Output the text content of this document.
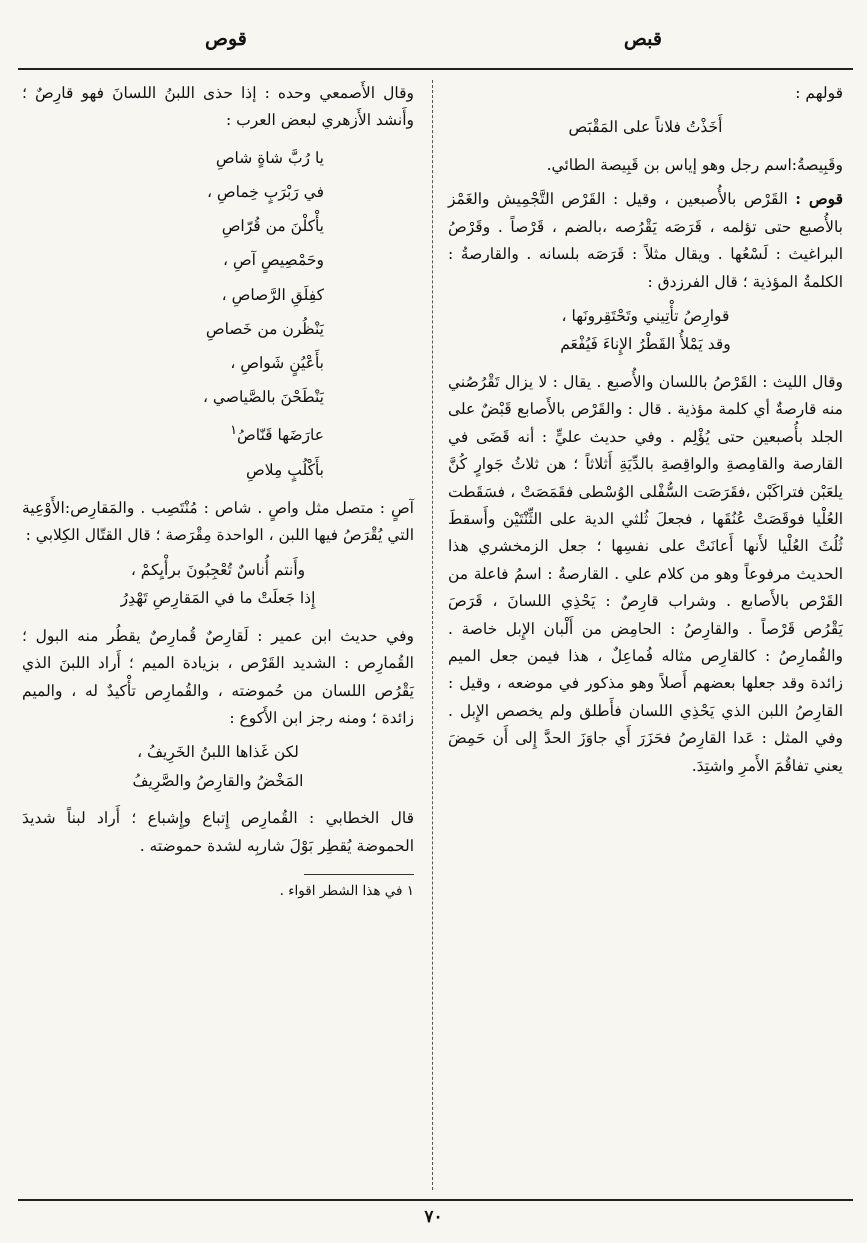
قبص
قوص

قولهم :

أَخَذْتُ فلاناً على المَقْبَص

وقَبِيصةُ:اسم رجل وهو إياس بن قَبِيصة الطائي.

قوص : القَرْص بالأُصبعين ، وقيل : القَرْص التَّجْمِيش والغَمْز بالأُصبع حتى تؤلمه ، قَرَصَه يَقْرُصه ،بالضم ، قَرْصاً . وقَرْصُ البراغيث : لَسْعُها . ويقال مثلاً : قَرَصَه بلسانه . والقارصةُ : الكلمةُ المؤذية ؛ قال الفرزدق :

قوارِصُ تأْتِيني وتَحْتَقِرونَها ،
وقد يَمْلأُ القَطْرُ الإِناءَ فَيُفْعَم

وقال الليث : القَرْصُ باللسان والأُصبع . يقال : لا يزال تَقْرُصُني منه قارصةٌ أي كلمة مؤذية . قال : والقَرْص بالأَصابع قَبْضٌ على الجلد بأُصبعين حتى يُؤْلِم . وفي حديث عليٍّ : أنه قَضَى في القارصة والقامِصةِ والواقِصةِ بالدِّيَةِ أَثلاثاً ؛ هن ثلاثُ جَوارٍ كُنَّ يلعَبْن فتراكَبْن ،فقَرَصَت السُّفْلى الوُسْطى فقَمَصَتْ ، فسَقَطت العُلْيا فوقَصَتْ عُنُقَها ، فجعلَ ثُلثي الدية على الثِّنْتَيْن وأَسقطَ ثُلُثَ العُلْيا لأَنها أَعانَتْ على نفسِها ؛ جعل الزمخشري هذا الحديث مرفوعاً وهو من كلام علي . القارصةُ : اسمُ فاعلة من القَرْص بالأَصابع . وشراب قارِصٌ : يَحْذِي اللسانَ ، قَرَصَ يَقْرُص قَرْصاً . والقارِصُ : الحامِض من أَلْبان الإِبل خاصة . والقُمارِصُ : كالقارِص مثاله فُماعِلٌ ، هذا فيمن جعل الميم زائدة وقد جعلها بعضهم أَصلاً وهو مذكور في موضعه ، وقيل : القارِصُ اللبن الذي يَحْذِي اللسان فأَطلق ولم يخصص الإِبل . وفي المثل : عَدا القارِصُ فحَزَرَ أَي جاوَزَ الحدَّ إِلى أَن حَمِضَ يعني تفاقُمَ الأَمرِ واشتِدَ.

وقال الأَصمعي وحده : إذا حذى اللبنُ اللسانَ فهو قارِصٌ ؛ وأَنشد الأَزهري لبعض العرب :

يا رُبَّ شاةٍ شاصِ
في رَبْرَبٍ خِماصِ ،
يأْكلْنَ من قُرّاصِ
وحَمْصِيصٍ آصِ ،
كفِلَقِ الرَّصاصِ ،
يَنْظُرن من خَصاصِ
بأَعْيُنٍ شَواصِ ،
يَنْطَحْنَ بالصَّياصي ،
عارَضَها قَنّاصُ$^١$
بأَكْلُبٍ مِلاصِ

آصٍ : متصل مثل واصٍ . شاص : مُنْتَصِب . والمَقارِص:الأَوْعِية التي يُقْرَصُ فيها اللبن ، الواحدة مِقْرَصة ؛ قال القتّال الكِلابي :

وأَنتم أُناسٌ تُعْجِبُونَ برأْيِكمْ ،
إِذا جَعلَتْ ما في المَقارِصِ تَهْدِرُ

وفي حديث ابن عمير : لَقارِصٌ قُمارِصٌ يقطُر منه البول ؛ القُمارِص : الشديد القَرْص ، بزيادة الميم ؛ أَراد اللبنَ الذي يَقْرُص اللسان من حُموضته ، والقُمارِص تأْكيدٌ له ، والميم زائدة ؛ ومنه رجز ابن الأَكوع :

لكن غَذاها اللبنُ الخَرِيفُ ،
المَخْضُ والقارِصُ والصَّرِيفُ

قال الخطابي : القُمارِص إِتباع وإِشباع ؛ أَراد لبناً شديدَ الحموضة يُقطِر بَوْلَ شاربِه لشدة حموضته .

١ في هذا الشطر اقواء .
٧٠
